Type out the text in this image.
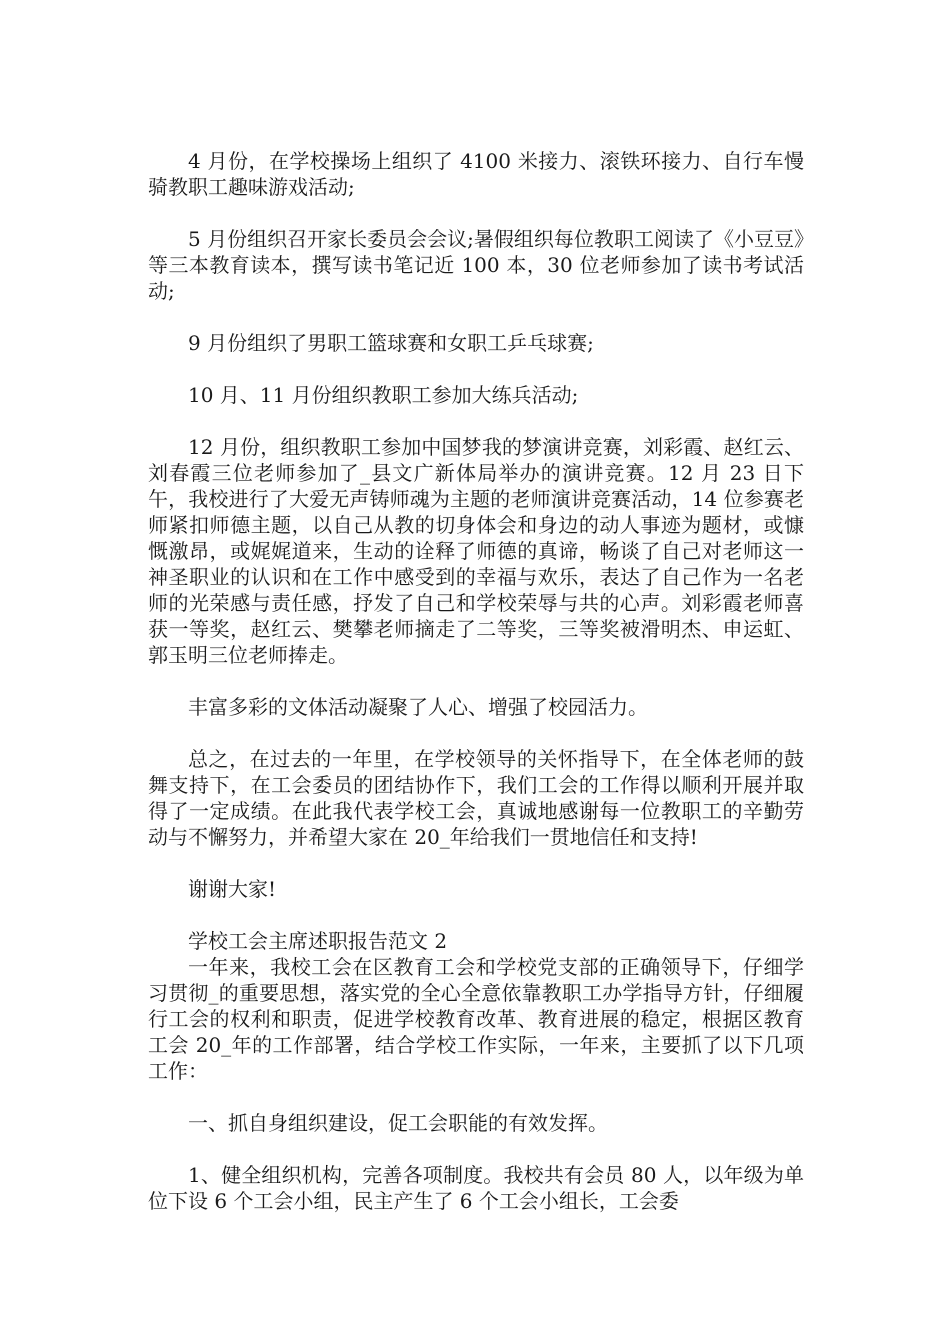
4 月份，在学校操场上组织了 4100 米接力、滚铁环接力、自行车慢骑教职工趣味游戏活动;

5 月份组织召开家长委员会会议;暑假组织每位教职工阅读了《小豆豆》等三本教育读本，撰写读书笔记近 100 本，30 位老师参加了读书考试活动;

9 月份组织了男职工篮球赛和女职工乒乓球赛;

10 月、11 月份组织教职工参加大练兵活动;

12 月份，组织教职工参加中国梦我的梦演讲竞赛，刘彩霞、赵红云、刘春霞三位老师参加了_县文广新体局举办的演讲竞赛。12 月 23 日下午，我校进行了大爱无声铸师魂为主题的老师演讲竞赛活动，14 位参赛老师紧扣师德主题，以自己从教的切身体会和身边的动人事迹为题材，或慷慨激昂，或娓娓道来，生动的诠释了师德的真谛，畅谈了自己对老师这一神圣职业的认识和在工作中感受到的幸福与欢乐，表达了自己作为一名老师的光荣感与责任感，抒发了自己和学校荣辱与共的心声。刘彩霞老师喜获一等奖，赵红云、樊攀老师摘走了二等奖，三等奖被滑明杰、申运虹、郭玉明三位老师捧走。

丰富多彩的文体活动凝聚了人心、增强了校园活力。

总之，在过去的一年里，在学校领导的关怀指导下，在全体老师的鼓舞支持下，在工会委员的团结协作下，我们工会的工作得以顺利开展并取得了一定成绩。在此我代表学校工会，真诚地感谢每一位教职工的辛勤劳动与不懈努力，并希望大家在 20_年给我们一贯地信任和支持!

谢谢大家!

学校工会主席述职报告范文 2

一年来，我校工会在区教育工会和学校党支部的正确领导下，仔细学习贯彻_的重要思想，落实党的全心全意依靠教职工办学指导方针，仔细履行工会的权利和职责，促进学校教育改革、教育进展的稳定，根据区教育工会 20_年的工作部署，结合学校工作实际，一年来，主要抓了以下几项工作：

一、抓自身组织建设，促工会职能的有效发挥。

1、健全组织机构，完善各项制度。我校共有会员 80 人，以年级为单位下设 6 个工会小组，民主产生了 6 个工会小组长，工会委
